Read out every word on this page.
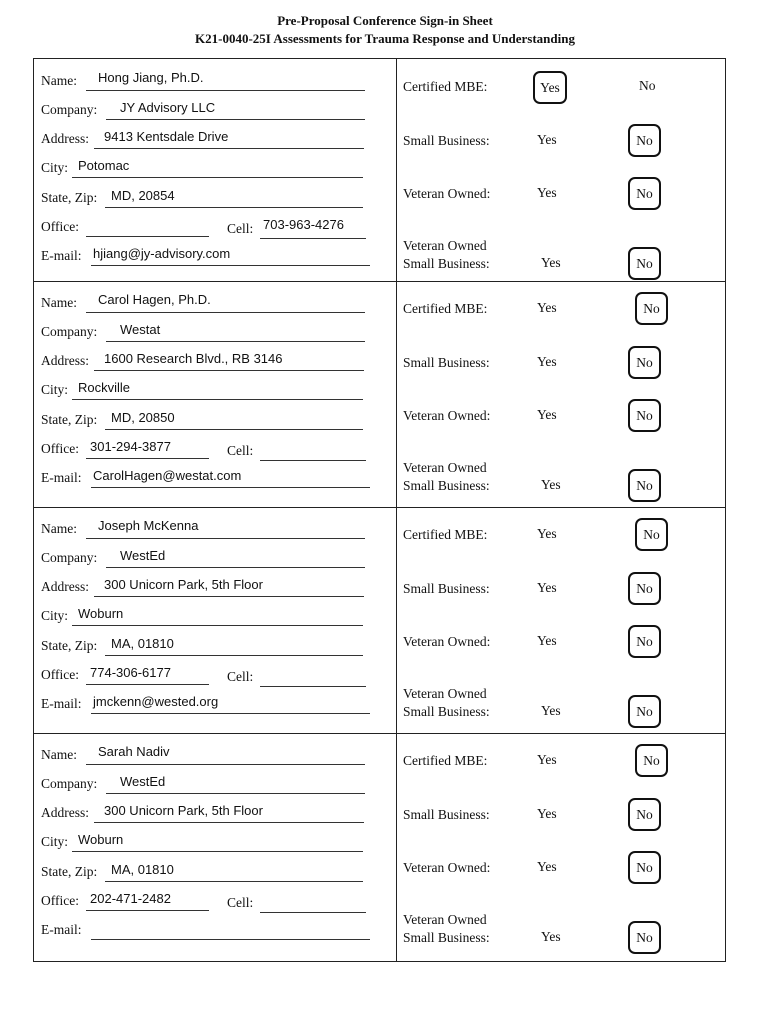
Pre-Proposal Conference Sign-in Sheet
K21-0040-25I Assessments for Trauma Response and Understanding
Name: Hong Jiang, Ph.D.
Company: JY Advisory LLC
Address: 9413 Kentsdale Drive
City: Potomac
State, Zip: MD, 20854
Office:
E-mail: hjiang@jy-advisory.com
Cell: 703-963-4276
Certified MBE:	Yes	No
Small Business:	Yes	No
Veteran Owned:	Yes	No
Veteran Owned
Small Business:	Yes	No
Name: Carol Hagen, Ph.D.
Company: Westat
Address: 1600 Research Blvd., RB 3146
City: Rockville
State, Zip: MD, 20850
Office: 301-294-3877
E-mail: CarolHagen@westat.com
Cell:
Certified MBE:	Yes	No
Small Business:	Yes	No
Veteran Owned:	Yes	No
Veteran Owned
Small Business:	Yes	No
Name: Joseph McKenna
Company: WestEd
Address: 300 Unicorn Park, 5th Floor
City: Woburn
State, Zip: MA, 01810
Office: 774-306-6177
E-mail: jmckenn@wested.org
Cell:
Certified MBE:	Yes	No
Small Business:	Yes	No
Veteran Owned:	Yes	No
Veteran Owned
Small Business:	Yes	No
Name: Sarah Nadiv
Company: WestEd
Address: 300 Unicorn Park, 5th Floor
City: Woburn
State, Zip: MA, 01810
Office: 202-471-2482
E-mail:
Cell:
Certified MBE:	Yes	No
Small Business:	Yes	No
Veteran Owned:	Yes	No
Veteran Owned
Small Business:	Yes	No
